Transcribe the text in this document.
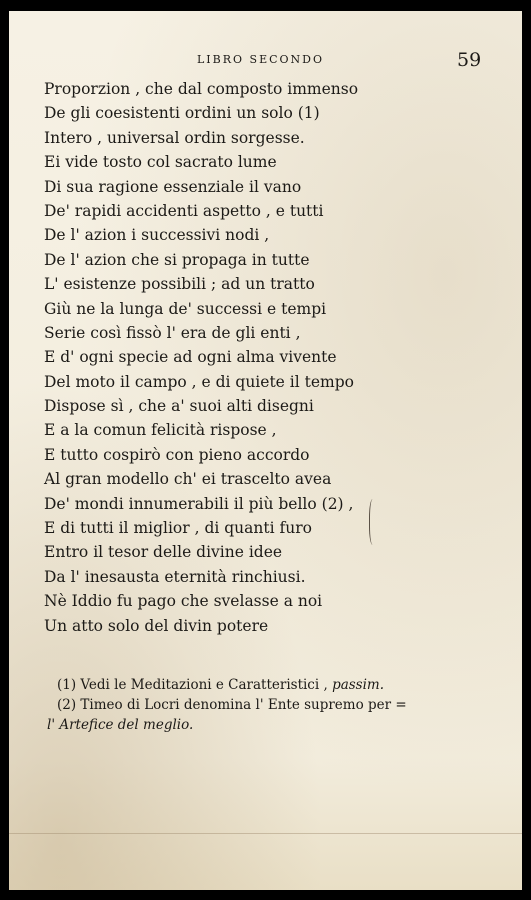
LIBRO SECONDO	59
Proporzion , che dal composto immenso
De gli coesistenti ordini un solo (1)
Intero , universal ordin sorgesse.
Ei vide tosto col sacrato lume
Di sua ragione essenziale il vano
De' rapidi accidenti aspetto , e tutti
De l' azion i successivi nodi ,
De l' azion che si propaga in tutte
L' esistenze possibili ; ad un tratto
Giù ne la lunga de' successi e tempi
Serie così fissò l' era de gli enti ,
E d' ogni specie ad ogni alma vivente
Del moto il campo , e di quiete il tempo
Dispose sì , che a' suoi alti disegni
E a la comun felicità rispose ,
E tutto cospirò con pieno accordo
Al gran modello ch' ei trascelto avea
De' mondi innumerabili il più bello (2) ,
E di tutti il miglior , di quanti furo
Entro il tesor delle divine idee
Da l' inesausta eternità rinchiusi.
Nè Iddio fu pago che svelasse a noi
Un atto solo del divin potere
(1) Vedi le Meditazioni e Caratteristici , passim.
(2) Timeo di Locri denomina l' Ente supremo per =
l' Artefice del meglio.
